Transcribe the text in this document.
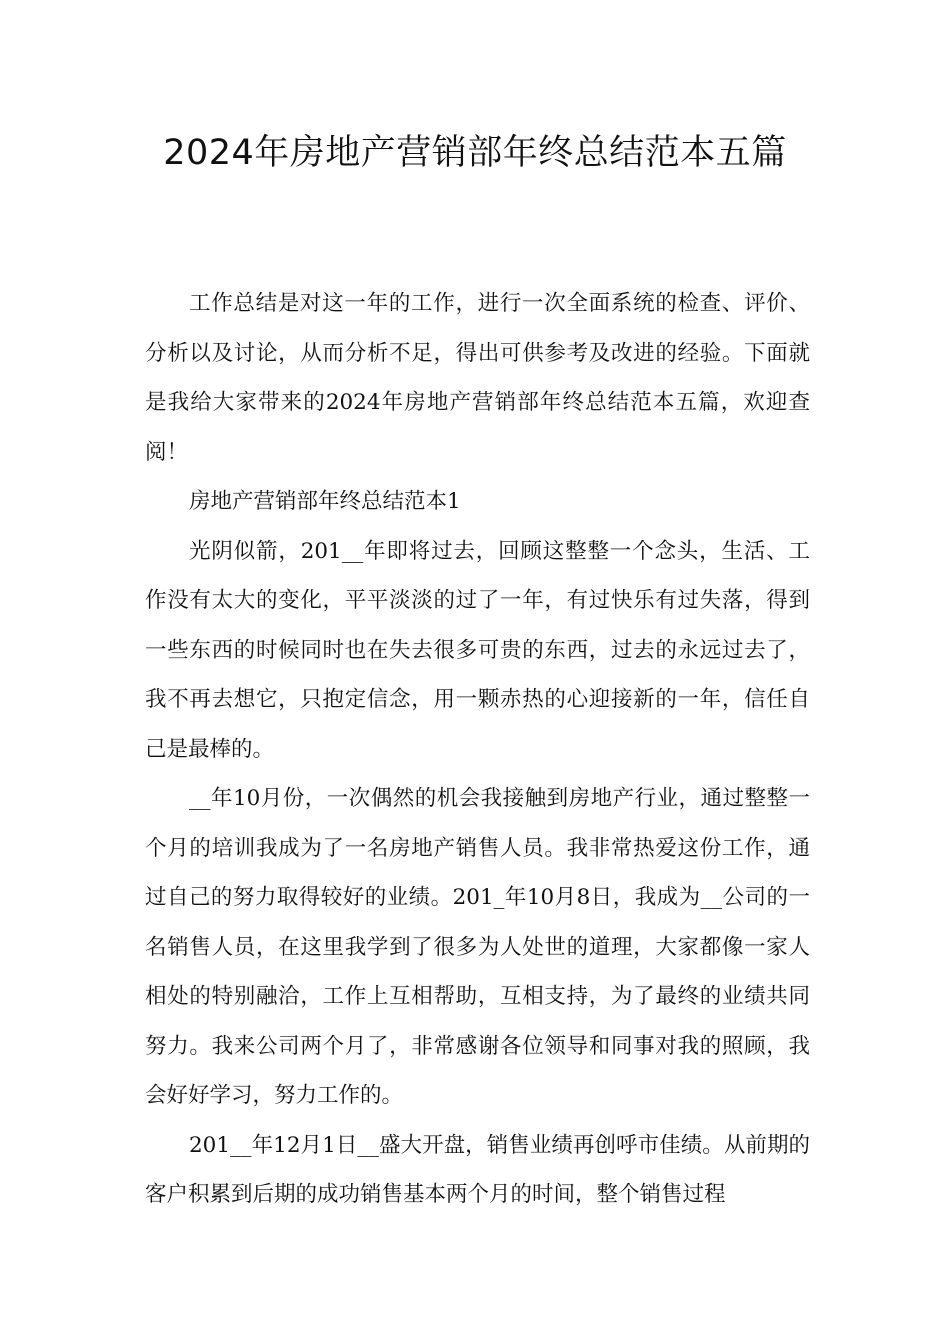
2024年房地产营销部年终总结范本五篇

工作总结是对这一年的工作，进行一次全面系统的检查、评价、分析以及讨论，从而分析不足，得出可供参考及改进的经验。下面就是我给大家带来的2024年房地产营销部年终总结范本五篇，欢迎查阅！

房地产营销部年终总结范本1

光阴似箭，201__年即将过去，回顾这整整一个念头，生活、工作没有太大的变化，平平淡淡的过了一年，有过快乐有过失落，得到一些东西的时候同时也在失去很多可贵的东西，过去的永远过去了，我不再去想它，只抱定信念，用一颗赤热的心迎接新的一年，信任自己是最棒的。

__年10月份，一次偶然的机会我接触到房地产行业，通过整整一个月的培训我成为了一名房地产销售人员。我非常热爱这份工作，通过自己的努力取得较好的业绩。201_年10月8日，我成为__公司的一名销售人员，在这里我学到了很多为人处世的道理，大家都像一家人相处的特别融洽，工作上互相帮助，互相支持，为了最终的业绩共同努力。我来公司两个月了，非常感谢各位领导和同事对我的照顾，我会好好学习，努力工作的。

201__年12月1日__盛大开盘，销售业绩再创呼市佳绩。从前期的客户积累到后期的成功销售基本两个月的时间，整个销售过程
